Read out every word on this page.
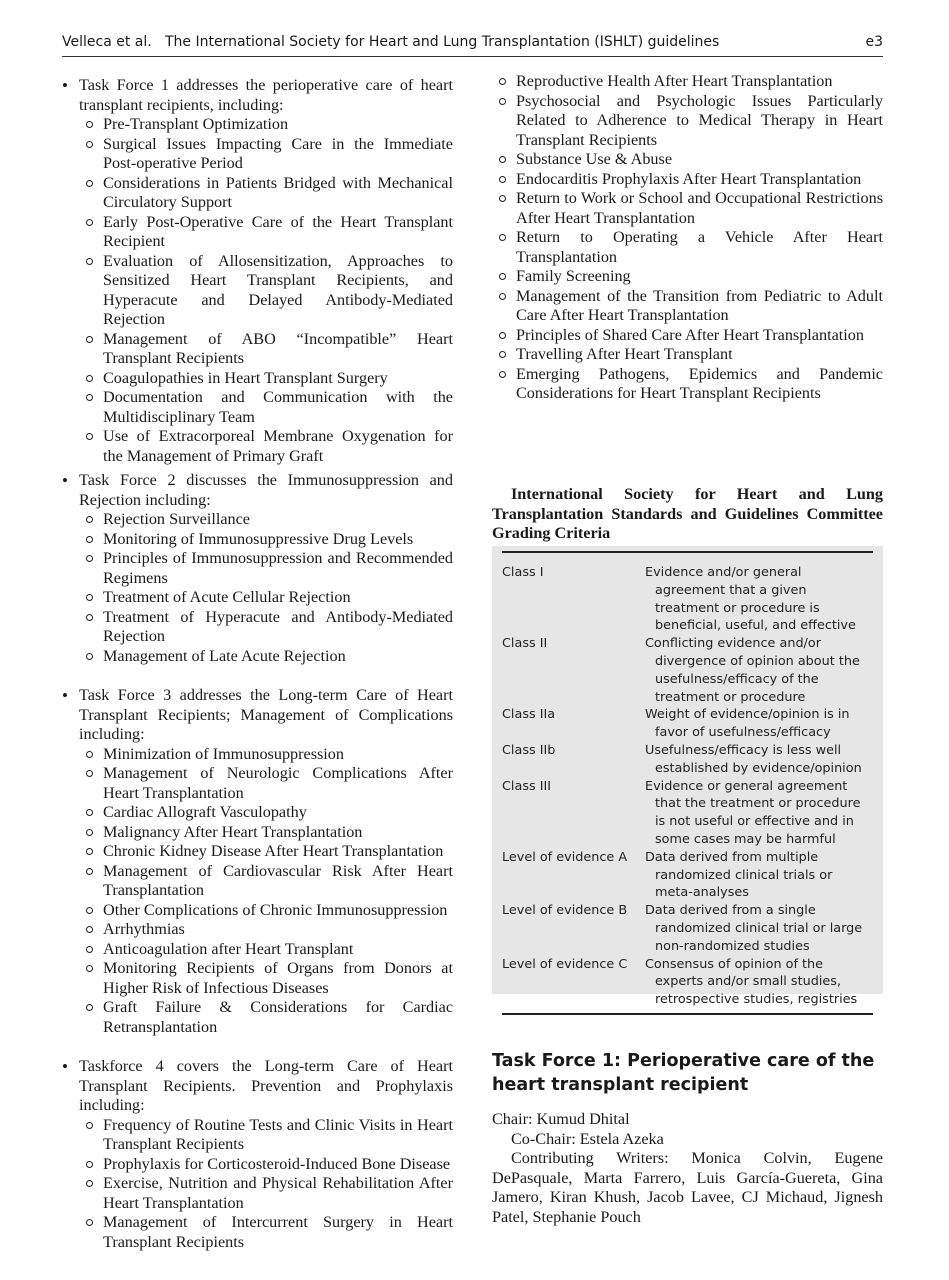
Velleca et al. The International Society for Heart and Lung Transplantation (ISHLT) guidelines	e3
• Task Force 1 addresses the perioperative care of heart transplant recipients, including:
Pre-Transplant Optimization
Surgical Issues Impacting Care in the Immediate Post-operative Period
Considerations in Patients Bridged with Mechanical Circulatory Support
Early Post-Operative Care of the Heart Transplant Recipient
Evaluation of Allosensitization, Approaches to Sensitized Heart Transplant Recipients, and Hyperacute and Delayed Antibody-Mediated Rejection
Management of ABO “Incompatible” Heart Transplant Recipients
Coagulopathies in Heart Transplant Surgery
Documentation and Communication with the Multidisciplinary Team
Use of Extracorporeal Membrane Oxygenation for the Management of Primary Graft
• Task Force 2 discusses the Immunosuppression and Rejection including:
Rejection Surveillance
Monitoring of Immunosuppressive Drug Levels
Principles of Immunosuppression and Recommended Regimens
Treatment of Acute Cellular Rejection
Treatment of Hyperacute and Antibody-Mediated Rejection
Management of Late Acute Rejection
• Task Force 3 addresses the Long-term Care of Heart Transplant Recipients; Management of Complications including:
Minimization of Immunosuppression
Management of Neurologic Complications After Heart Transplantation
Cardiac Allograft Vasculopathy
Malignancy After Heart Transplantation
Chronic Kidney Disease After Heart Transplantation
Management of Cardiovascular Risk After Heart Transplantation
Other Complications of Chronic Immunosuppression
Arrhythmias
Anticoagulation after Heart Transplant
Monitoring Recipients of Organs from Donors at Higher Risk of Infectious Diseases
Graft Failure & Considerations for Cardiac Retransplantation
• Taskforce 4 covers the Long-term Care of Heart Transplant Recipients. Prevention and Prophylaxis including:
Frequency of Routine Tests and Clinic Visits in Heart Transplant Recipients
Prophylaxis for Corticosteroid-Induced Bone Disease
Exercise, Nutrition and Physical Rehabilitation After Heart Transplantation
Management of Intercurrent Surgery in Heart Transplant Recipients
Reproductive Health After Heart Transplantation
Psychosocial and Psychologic Issues Particularly Related to Adherence to Medical Therapy in Heart Transplant Recipients
Substance Use & Abuse
Endocarditis Prophylaxis After Heart Transplantation
Return to Work or School and Occupational Restrictions After Heart Transplantation
Return to Operating a Vehicle After Heart Transplantation
Family Screening
Management of the Transition from Pediatric to Adult Care After Heart Transplantation
Principles of Shared Care After Heart Transplantation
Travelling After Heart Transplant
Emerging Pathogens, Epidemics and Pandemic Considerations for Heart Transplant Recipients
International Society for Heart and Lung Transplantation Standards and Guidelines Committee Grading Criteria
Class I	Evidence and/or general agreement that a given treatment or procedure is beneficial, useful, and effective
Class II	Conflicting evidence and/or divergence of opinion about the usefulness/efficacy of the treatment or procedure
Class IIa	Weight of evidence/opinion is in favor of usefulness/efficacy
Class IIb	Usefulness/efficacy is less well established by evidence/opinion
Class III	Evidence or general agreement that the treatment or procedure is not useful or effective and in some cases may be harmful
Level of evidence A	Data derived from multiple randomized clinical trials or meta-analyses
Level of evidence B	Data derived from a single randomized clinical trial or large non-randomized studies
Level of evidence C	Consensus of opinion of the experts and/or small studies, retrospective studies, registries
Task Force 1: Perioperative care of the heart transplant recipient

Chair: Kumud Dhital

Co-Chair: Estela Azeka

Contributing Writers: Monica Colvin, Eugene DePasquale, Marta Farrero, Luis García-Guereta, Gina Jamero, Kiran Khush, Jacob Lavee, CJ Michaud, Jignesh Patel, Stephanie Pouch
